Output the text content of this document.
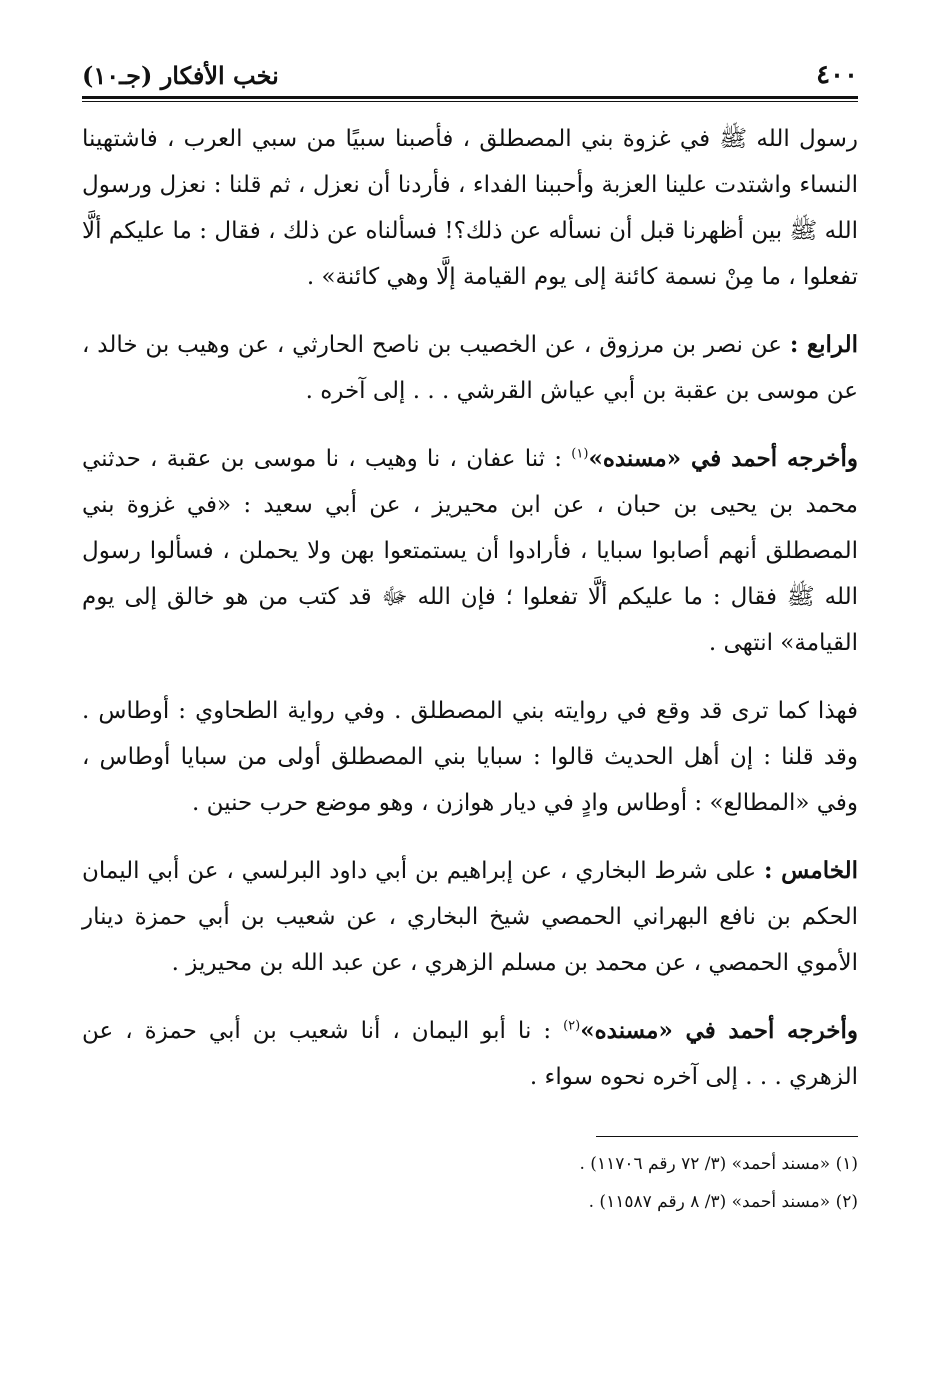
٤٠٠
نخب الأفكار (جـ١٠)

رسول الله ﷺ في غزوة بني المصطلق ، فأصبنا سبيًا من سبي العرب ، فاشتهينا النساء واشتدت علينا العزبة وأحببنا الفداء ، فأردنا أن نعزل ، ثم قلنا : نعزل ورسول الله ﷺ بين أظهرنا قبل أن نسأله عن ذلك؟! فسألناه عن ذلك ، فقال : ما عليكم ألَّا تفعلوا ، ما مِنْ نسمة كائنة إلى يوم القيامة إلَّا وهي كائنة» .

الرابع : عن نصر بن مرزوق ، عن الخصيب بن ناصح الحارثي ، عن وهيب بن خالد ، عن موسى بن عقبة بن أبي عياش القرشي . . . إلى آخره .

وأخرجه أحمد في «مسنده»$^{(١)}$ : ثنا عفان ، نا وهيب ، نا موسى بن عقبة ، حدثني محمد بن يحيى بن حبان ، عن ابن محيريز ، عن أبي سعيد : «في غزوة بني المصطلق أنهم أصابوا سبايا ، فأرادوا أن يستمتعوا بهن ولا يحملن ، فسألوا رسول الله ﷺ فقال : ما عليكم ألَّا تفعلوا ؛ فإن الله ﷻ قد كتب من هو خالق إلى يوم القيامة» انتهى .

فهذا كما ترى قد وقع في روايته بني المصطلق . وفي رواية الطحاوي : أوطاس . وقد قلنا : إن أهل الحديث قالوا : سبايا بني المصطلق أولى من سبايا أوطاس ، وفي «المطالع» : أوطاس وادٍ في ديار هوازن ، وهو موضع حرب حنين .

الخامس : على شرط البخاري ، عن إبراهيم بن أبي داود البرلسي ، عن أبي اليمان الحكم بن نافع البهراني الحمصي شيخ البخاري ، عن شعيب بن أبي حمزة دينار الأموي الحمصي ، عن محمد بن مسلم الزهري ، عن عبد الله بن محيريز .

وأخرجه أحمد في «مسنده»$^{(٢)}$ : نا أبو اليمان ، أنا شعيب بن أبي حمزة ، عن الزهري . . . إلى آخره نحوه سواء .

(١) «مسند أحمد» (٣/ ٧٢ رقم ١١٧٠٦) .

(٢) «مسند أحمد» (٣/ ٨ رقم ١١٥٨٧) .
